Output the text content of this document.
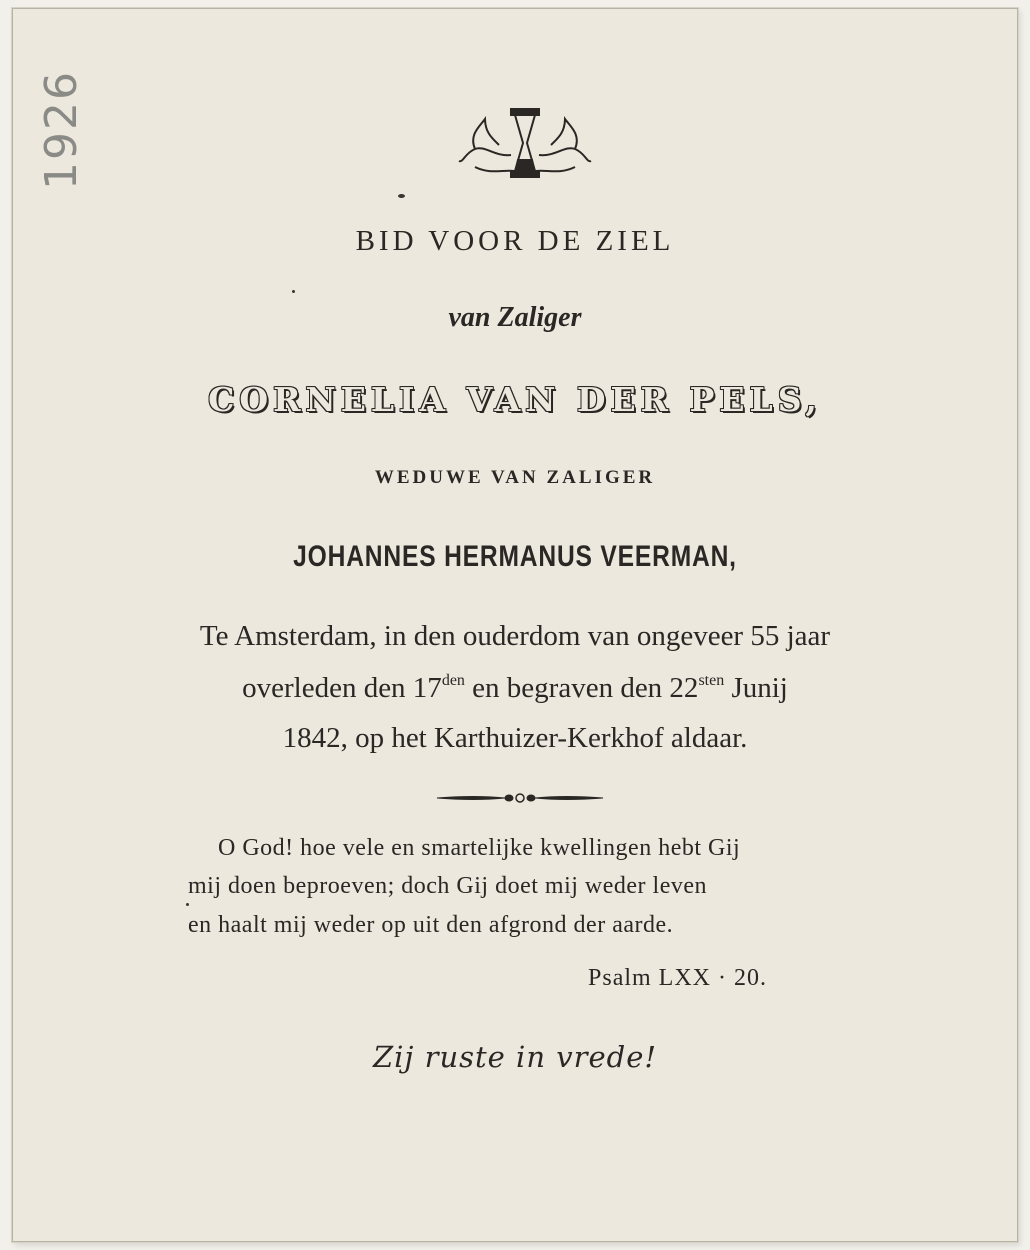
1926
BID VOOR DE ZIEL
van Zaliger
CORNELIA VAN DER PELS,
WEDUWE VAN ZALIGER
JOHANNES HERMANUS VEERMAN,
Te Amsterdam, in den ouderdom van ongeveer 55 jaar
overleden den $17^{den}$ en begraven den $22^{sten}$ Junij
1842, op het Karthuizer-Kerkhof aldaar.
O God! hoe vele en smartelijke kwellingen hebt Gij
mij doen beproeven; doch Gij doet mij weder leven
en haalt mij weder op uit den afgrond der aarde.
Psalm LXX · 20.
Zij ruste in vrede!
